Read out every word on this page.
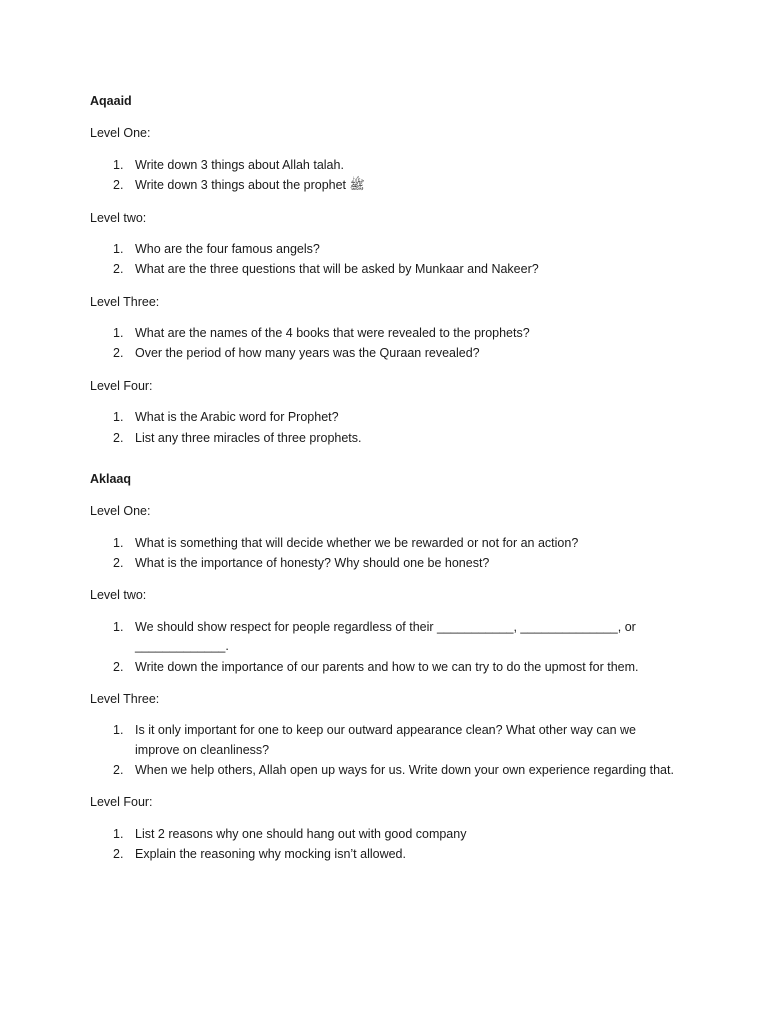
Aqaaid
Level One:
1. Write down 3 things about Allah talah.
2. Write down 3 things about the prophet ﷺ
Level two:
1. Who are the four famous angels?
2. What are the three questions that will be asked by Munkaar and Nakeer?
Level Three:
1. What are the names of the 4 books that were revealed to the prophets?
2. Over the period of how many years was the Quraan revealed?
Level Four:
1. What is the Arabic word for Prophet?
2. List any three miracles of three prophets.
Aklaaq
Level One:
1. What is something that will decide whether we be rewarded or not for an action?
2. What is the importance of honesty? Why should one be honest?
Level two:
1. We should show respect for people regardless of their ___________, ______________, or _____________.
2. Write down the importance of our parents and how to we can try to do the upmost for them.
Level Three:
1. Is it only important for one to keep our outward appearance clean? What other way can we improve on cleanliness?
2. When we help others, Allah open up ways for us. Write down your own experience regarding that.
Level Four:
1. List 2 reasons why one should hang out with good company
2. Explain the reasoning why mocking isn’t allowed.
